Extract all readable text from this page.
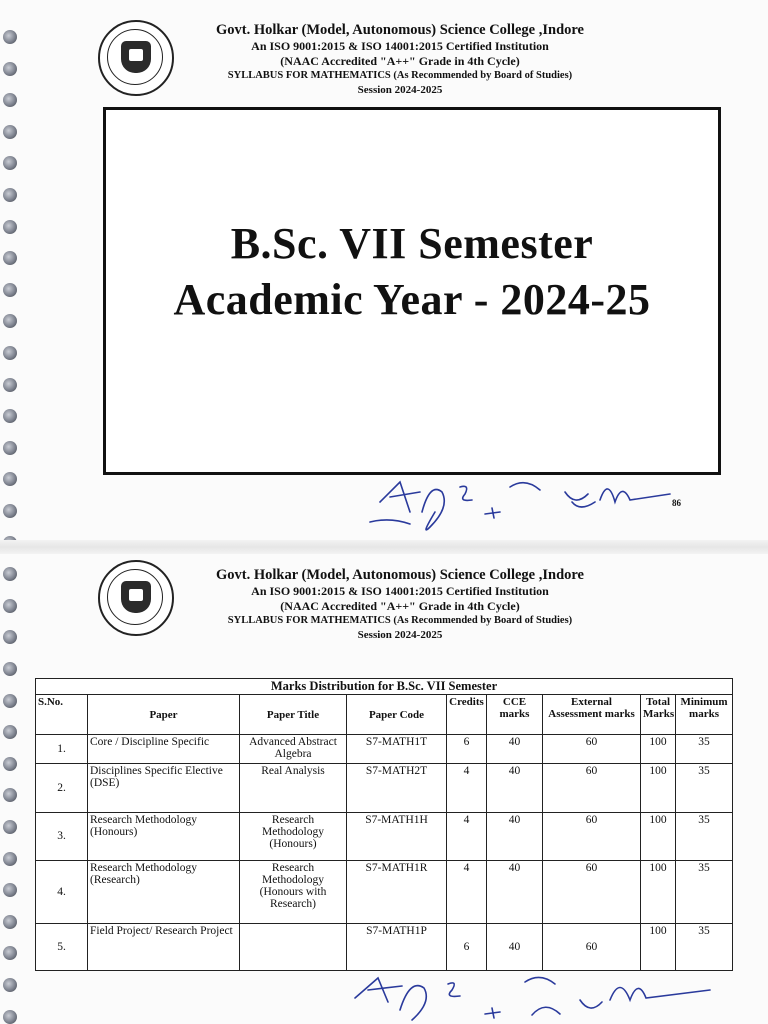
Govt. Holkar (Model, Autonomous) Science College ,Indore
An ISO 9001:2015 & ISO 14001:2015 Certified Institution
(NAAC Accredited "A++" Grade in 4th Cycle)
SYLLABUS FOR MATHEMATICS (As Recommended by Board of Studies)
Session 2024-2025
B.Sc. VII Semester
Academic Year - 2024-25
86
Govt. Holkar (Model, Autonomous) Science College ,Indore
An ISO 9001:2015 & ISO 14001:2015 Certified Institution
(NAAC Accredited "A++" Grade in 4th Cycle)
SYLLABUS FOR MATHEMATICS (As Recommended by Board of Studies)
Session 2024-2025
Marks Distribution for B.Sc. VII Semester								
S.No.	Paper	Paper Title	Paper Code	Credits	CCE marks	External Assessment marks	Total Marks	Minimum marks
1.	Core / Discipline Specific	Advanced Abstract Algebra	S7-MATH1T	6	40	60	100	35
2.	Disciplines Specific Elective (DSE)	Real Analysis	S7-MATH2T	4	40	60	100	35
3.	Research Methodology (Honours)	Research Methodology (Honours)	S7-MATH1H	4	40	60	100	35
4.	Research Methodology (Research)	Research Methodology (Honours with Research)	S7-MATH1R	4	40	60	100	35
5.	Field Project/ Research Project		S7-MATH1P	6	40	60	100	35
